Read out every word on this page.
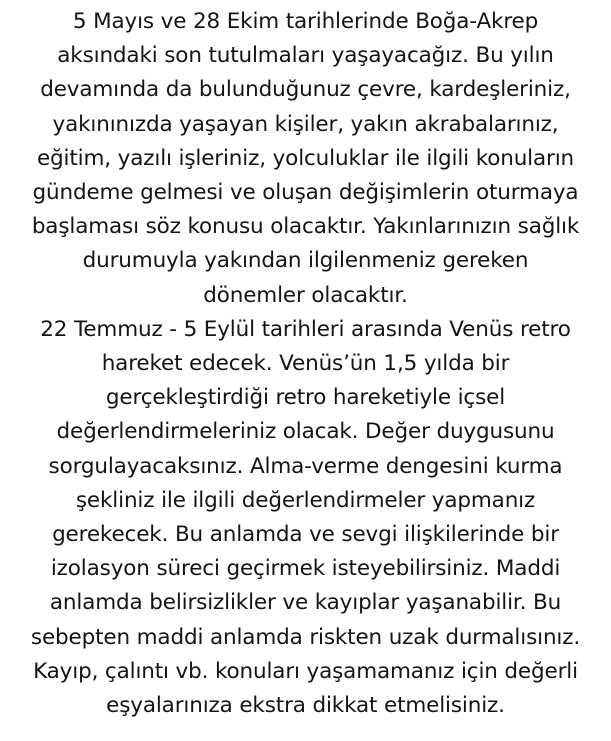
5 Mayıs ve 28 Ekim tarihlerinde Boğa-Akrep
aksındaki son tutulmaları yaşayacağız. Bu yılın
devamında da bulunduğunuz çevre, kardeşleriniz,
yakınınızda yaşayan kişiler, yakın akrabalarınız,
eğitim, yazılı işleriniz, yolculuklar ile ilgili konuların
gündeme gelmesi ve oluşan değişimlerin oturmaya
başlaması söz konusu olacaktır. Yakınlarınızın sağlık
durumuyla yakından ilgilenmeniz gereken
dönemler olacaktır.
22 Temmuz - 5 Eylül tarihleri arasında Venüs retro
hareket edecek. Venüs’ün 1,5 yılda bir
gerçekleştirdiği retro hareketiyle içsel
değerlendirmeleriniz olacak. Değer duygusunu
sorgulayacaksınız. Alma-verme dengesini kurma
şekliniz ile ilgili değerlendirmeler yapmanız
gerekecek. Bu anlamda ve sevgi ilişkilerinde bir
izolasyon süreci geçirmek isteyebilirsiniz. Maddi
anlamda belirsizlikler ve kayıplar yaşanabilir. Bu
sebepten maddi anlamda riskten uzak durmalısınız.
Kayıp, çalıntı vb. konuları yaşamamanız için değerli
eşyalarınıza ekstra dikkat etmelisiniz.
